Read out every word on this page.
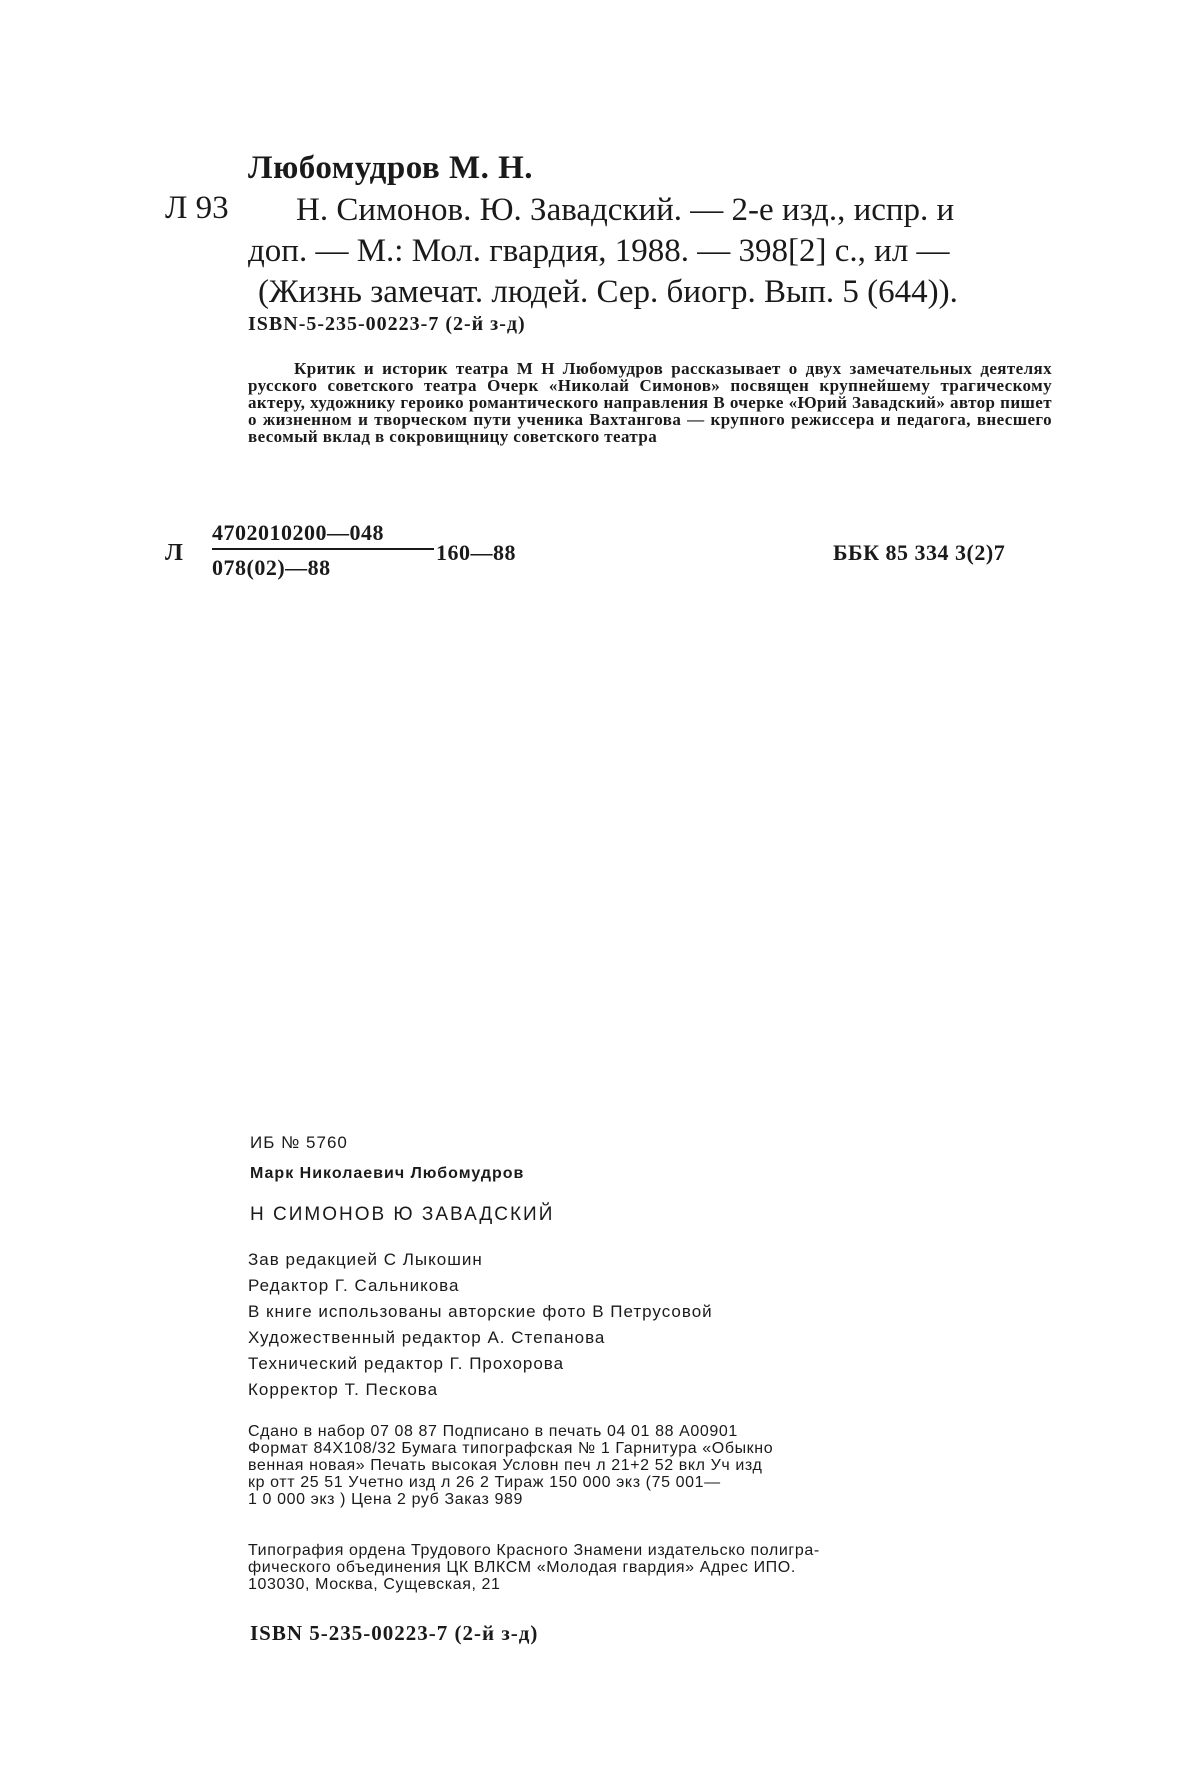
Любомудров М. Н.
Л 93 Н. Симонов. Ю. Завадский. — 2-е изд., испр. и
доп. — М.: Мол. гвардия, 1988. — 398[2] с., ил —
(Жизнь замечат. людей. Сер. биогр. Вып. 5 (644)).
ISBN-5-235-00223-7 (2-й з-д)
Критик и историк театра М Н Любомудров рассказывает о двух замечательных деятелях русского советского театра Очерк «Николай Симонов» посвящен крупнейшему трагическому актеру, художнику героико романтического направления В очерке «Юрий Завадский» автор пишет о жизненном и творческом пути ученика Вахтангова — крупного режиссера и педагога, внесшего весомый вклад в сокровищницу советского театра
Л
4702010200—048
078(02)—88
160—88	ББК 85 334 3(2)7
ИБ № 5760
Марк Николаевич Любомудров
Н СИМОНОВ Ю ЗАВАДСКИЙ
Зав редакцией С Лыкошин
Редактор Г. Сальникова
В книге использованы авторские фото В Петрусовой
Художественный редактор А. Степанова
Технический редактор Г. Прохорова
Корректор Т. Пескова
Сдано в набор 07 08 87 Подписано в печать 04 01 88 А00901
Формат 84Х108/32 Бумага типографская № 1 Гарнитура «Обыкно
венная новая» Печать высокая Условн печ л 21+2 52 вкл Уч изд
кр отт 25 51 Учетно изд л 26 2 Тираж 150 000 экз (75 001—
1 0 000 экз ) Цена 2 руб Заказ 989
Типография ордена Трудового Красного Знамени издательско полигра-
фического объединения ЦК ВЛКСМ «Молодая гвардия» Адрес ИПО.
103030, Москва, Сущевская, 21
ISBN 5-235-00223-7 (2-й з-д)
